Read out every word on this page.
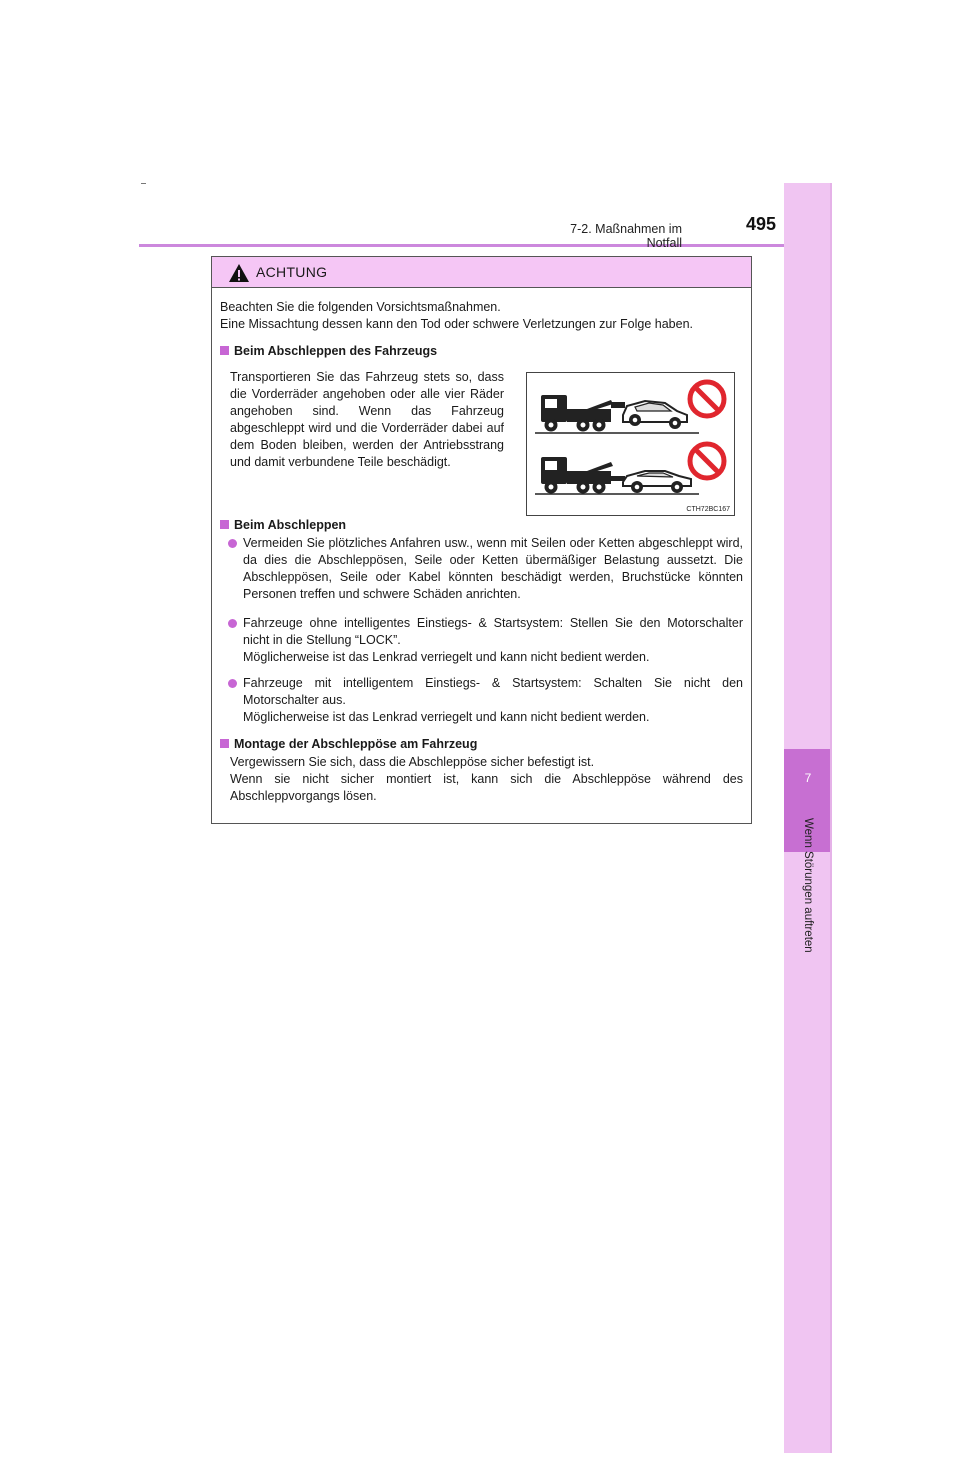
7-2. Maßnahmen im Notfall
495
7
Wenn Störungen auftreten
ACHTUNG
Beachten Sie die folgenden Vorsichtsmaßnahmen.
Eine Missachtung dessen kann den Tod oder schwere Verletzungen zur Folge haben.
Beim Abschleppen des Fahrzeugs
Transportieren Sie das Fahrzeug stets so, dass die Vorderräder angehoben oder alle vier Räder angehoben sind. Wenn das Fahrzeug abgeschleppt wird und die Vorderräder dabei auf dem Boden bleiben, werden der Antriebsstrang und damit verbundene Teile beschädigt.
CTH72BC167
Beim Abschleppen
Vermeiden Sie plötzliches Anfahren usw., wenn mit Seilen oder Ketten abgeschleppt wird, da dies die Abschleppösen, Seile oder Ketten übermäßiger Belastung aussetzt. Die Abschleppösen, Seile oder Kabel könnten beschädigt werden, Bruchstücke könnten Personen treffen und schwere Schäden anrichten.
Fahrzeuge ohne intelligentes Einstiegs- & Startsystem: Stellen Sie den Motorschalter nicht in die Stellung “LOCK”.
Möglicherweise ist das Lenkrad verriegelt und kann nicht bedient werden.
Fahrzeuge mit intelligentem Einstiegs- & Startsystem: Schalten Sie nicht den Motorschalter aus.
Möglicherweise ist das Lenkrad verriegelt und kann nicht bedient werden.
Montage der Abschleppöse am Fahrzeug
Vergewissern Sie sich, dass die Abschleppöse sicher befestigt ist.
Wenn sie nicht sicher montiert ist, kann sich die Abschleppöse während des Abschleppvorgangs lösen.
